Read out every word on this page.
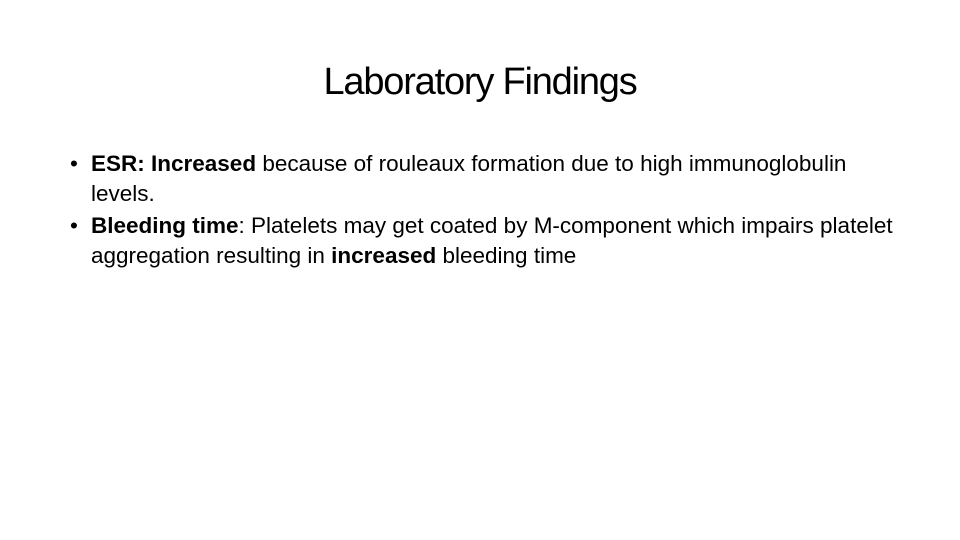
Laboratory Findings
• ESR: Increased because of rouleaux formation due to high immunoglobulin levels.
• Bleeding time: Platelets may get coated by M-component which impairs platelet aggregation resulting in increased bleeding time
